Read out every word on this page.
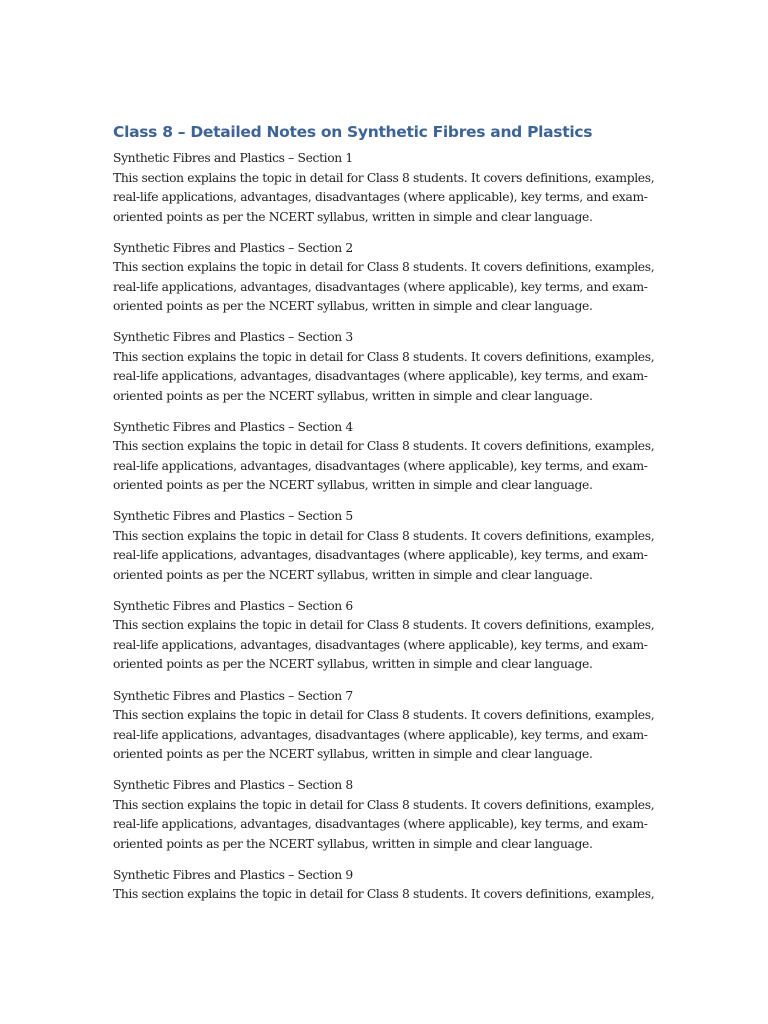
Class 8 – Detailed Notes on Synthetic Fibres and Plastics

Synthetic Fibres and Plastics – Section 1

This section explains the topic in detail for Class 8 students. It covers definitions, examples, real-life applications, advantages, disadvantages (where applicable), key terms, and exam-oriented points as per the NCERT syllabus, written in simple and clear language.

Synthetic Fibres and Plastics – Section 2

This section explains the topic in detail for Class 8 students. It covers definitions, examples, real-life applications, advantages, disadvantages (where applicable), key terms, and exam-oriented points as per the NCERT syllabus, written in simple and clear language.

Synthetic Fibres and Plastics – Section 3

This section explains the topic in detail for Class 8 students. It covers definitions, examples, real-life applications, advantages, disadvantages (where applicable), key terms, and exam-oriented points as per the NCERT syllabus, written in simple and clear language.

Synthetic Fibres and Plastics – Section 4

This section explains the topic in detail for Class 8 students. It covers definitions, examples, real-life applications, advantages, disadvantages (where applicable), key terms, and exam-oriented points as per the NCERT syllabus, written in simple and clear language.

Synthetic Fibres and Plastics – Section 5

This section explains the topic in detail for Class 8 students. It covers definitions, examples, real-life applications, advantages, disadvantages (where applicable), key terms, and exam-oriented points as per the NCERT syllabus, written in simple and clear language.

Synthetic Fibres and Plastics – Section 6

This section explains the topic in detail for Class 8 students. It covers definitions, examples, real-life applications, advantages, disadvantages (where applicable), key terms, and exam-oriented points as per the NCERT syllabus, written in simple and clear language.

Synthetic Fibres and Plastics – Section 7

This section explains the topic in detail for Class 8 students. It covers definitions, examples, real-life applications, advantages, disadvantages (where applicable), key terms, and exam-oriented points as per the NCERT syllabus, written in simple and clear language.

Synthetic Fibres and Plastics – Section 8

This section explains the topic in detail for Class 8 students. It covers definitions, examples, real-life applications, advantages, disadvantages (where applicable), key terms, and exam-oriented points as per the NCERT syllabus, written in simple and clear language.

Synthetic Fibres and Plastics – Section 9

This section explains the topic in detail for Class 8 students. It covers definitions, examples,
